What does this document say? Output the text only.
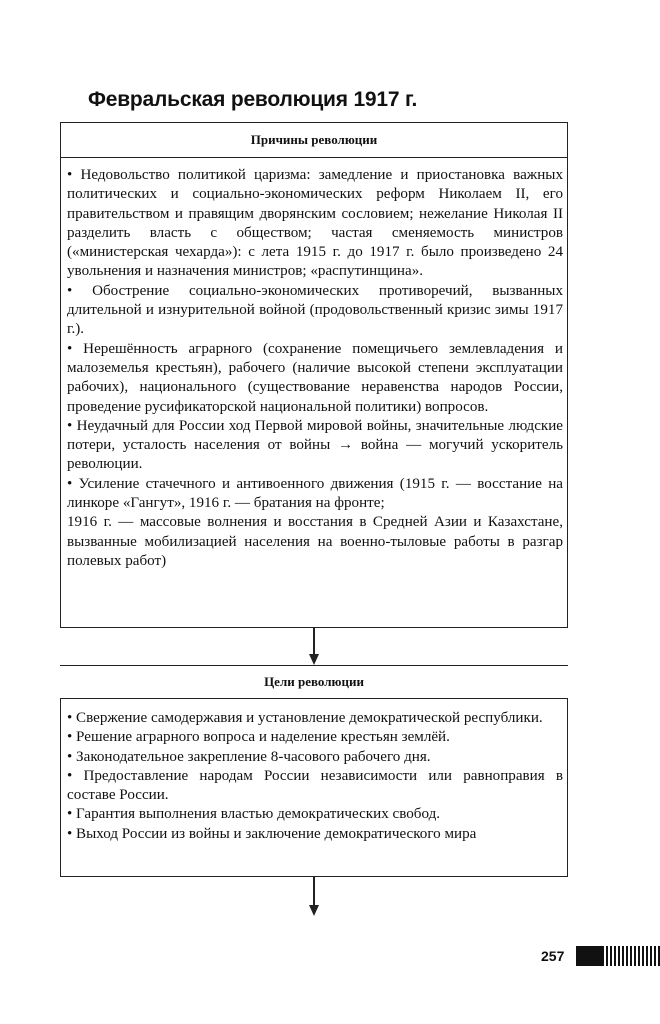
Февральская революция 1917 г.
Причины революции
• Недовольство политикой царизма: замедление и приостановка важных политических и социально-экономических реформ Николаем II, его правительством и правящим дворянским сословием; нежелание Николая II разделить власть с обществом; частая сменяемость министров («министерская чехарда»): с лета 1915 г. до 1917 г. было произведено 24 увольнения и назначения министров; «распутинщина».
• Обострение социально-экономических противоречий, вызванных длительной и изнурительной войной (продовольственный кризис зимы 1917 г.).
• Нерешённость аграрного (сохранение помещичьего землевладения и малоземелья крестьян), рабочего (наличие высокой степени эксплуатации рабочих), национального (существование неравенства народов России, проведение русификаторской национальной политики) вопросов.
• Неудачный для России ход Первой мировой войны, значительные людские потери, усталость населения от войны → война — могучий ускоритель революции.
• Усиление стачечного и антивоенного движения (1915 г. — восстание на линкоре «Гангут», 1916 г. — братания на фронте;
1916 г. — массовые волнения и восстания в Средней Азии и Казахстане, вызванные мобилизацией населения на военно-тыловые работы в разгар полевых работ)
Цели революции
• Свержение самодержавия и установление демократической республики.
• Решение аграрного вопроса и наделение крестьян землёй.
• Законодательное закрепление 8-часового рабочего дня.
• Предоставление народам России независимости или равноправия в составе России.
• Гарантия выполнения властью демократических свобод.
• Выход России из войны и заключение демократического мира
257
